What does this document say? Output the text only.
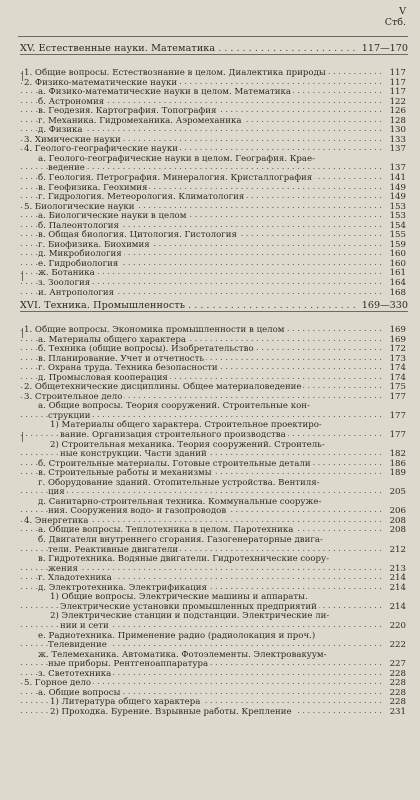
V
Стб.
XV. Естественные науки. Математика . . .	117—170
.....
1. Общие вопросы. Естествознание в целом. Диалектика природы	117
.....
2. Физико-математические науки	117
.....
а. Физико-математические науки в целом. Математика	117
.....
б. Астрономия	122
.....
в. Геодезия. Картография. Топография	126
.....
г. Механика. Гидромеханика. Аэромеханика	128
.....
д. Физика	130
.....
3. Химические науки	133
.....
4. Геолого-географические науки	137
а. Геолого-географические науки в целом. География. Крае-
.....
ведение	137
.....
б. Геология. Петрография. Минералогия. Кристаллография	141
.....
в. Геофизика. Геохимия	149
.....
г. Гидрология. Метеорология. Климатология	149
.....
5. Биологические науки	153
.....
а. Биологические науки в целом	153
.....
б. Палеонтология	154
.....
в. Общая биология. Цитология. Гистология	155
.....
г. Биофизика. Биохимия	159
.....
д. Микробиология	160
.....
е. Гидробиология	160
.....
ж. Ботаника	161
.....
з. Зоология	164
.....
и. Антропология	168
XVI. Техника. Промышленность . . .	169—330
.....
1. Общие вопросы. Экономика промышленности в целом	169
.....
а. Материалы общего характера	169
.....
б. Техника (общие вопросы). Изобретательство	172
.....
в. Планирование. Учет и отчетность	173
.....
г. Охрана труда. Техника безопасности	174
.....
д. Промысловая кооперация	174
.....
2. Общетехнические дисциплины. Общее материаловедение	175
.....
3. Строительное дело	177
а. Общие вопросы. Теория сооружений. Строительные кон-
.....
струкции	177
1) Материалы общего характера. Строительное проектиро-
.....
вание. Организация строительного производства	177
2) Строительная механика. Теория сооружений. Строитель-
.....
ные конструкции. Части зданий	182
.....
б. Строительные материалы. Готовые строительные детали	186
.....
в. Строительные работы и механизмы	189
г. Оборудование зданий. Отопительные устройства. Вентиля-
.....
ция	205
д. Санитарно-строительная техника. Коммунальные сооруже-
.....
ния. Сооружения водо- и газопроводов	206
.....
4. Энергетика	208
.....
а. Общие вопросы. Теплотехника в целом. Паротехника	208
б. Двигатели внутреннего сгорания. Газогенераторные двига-
.....
тели. Реактивные двигатели	212
в. Гидротехника. Водяные двигатели. Гидротехнические соору-
.....
жения	213
.....
г. Хладотехника	214
.....
д. Электротехника. Электрификация	214
1) Общие вопросы. Электрические машины и аппараты.
.....
Электрические установки промышленных предприятий	214
2) Электрические станции и подстанции. Электрические ли-
.....
нии и сети	220
е. Радиотехника. Применение радио (радиолокация и проч.)
.....
Телевидение	222
ж. Телемеханика. Автоматика. Фотоэлементы. Электровакуум-
.....
ные приборы. Рентгеноаппаратура	227
.....
з. Светотехника	228
.....
5. Горное дело	228
.....
а. Общие вопросы	228
.....
1) Литература общего характера	228
.....
2) Проходка. Бурение. Взрывные работы. Крепление	231
